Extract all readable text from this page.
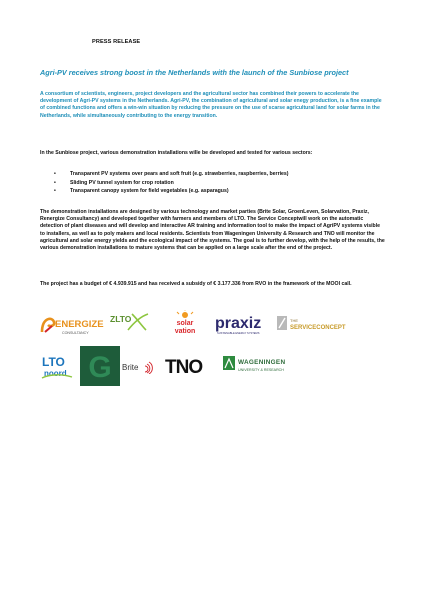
PRESS RELEASE
Agri-PV receives strong boost in the Netherlands with the launch of the Sunbiose project

A consortium of scientists, engineers, project developers and the agricultural sector has combined their powers to accelerate the development of Agri-PV systems in the Netherlands. Agri-PV, the combination of agricultural and solar enegy production, is a fine example of combined functions and offers a win-win situation by reducing the pressure on the use of scarse agricultural land for solar farms in the Netherlands, while simultaneously contributing to the energy transition.

In the Sunbiose project, various demonstration installations wille be developed and tested for various sectors:

•	Transparent PV systems over pears and soft fruit (e.g. strawberries, raspberries, berries)
•	Sliding PV tunnel system for crop rotation
•	Transparent canopy system for field vegetables (e.g. asparagus)

The demonstration installations are designed by various technology and market parties (Brite Solar, GroenLeven, Solarvation, Praxiz, Renergize Consultancy) and developed together with farmers and members of LTO. The Service Conceptwill work on the automatic detection of plant diseases and will develop and interactive AR training and information tool to make the impact of AgriPV systems visible to installers, as well as to poly makers and local residents. Scientists from Wageningen University & Research and TNO will monitor the agricultural and solar energy yields and the ecological impact of the systems. The goal is to further develop, with the help of the results, the various demonstration installations to mature systems that can be applied on a large scale after the end of the project.

The project has a budget of € 4.939.915 and has received a subsidy of € 3.177.336 from RVO in the framework of the MOOI call.

ENERGIZE
CONSULTANCY
ZLTO	solar
vation praxiz
SUSTAINABLE ENERGY SYSTEMS
THE
SERVICECONCEPT
LTO
noord G Brite TNO	WAGENINGEN
UNIVERSITY & RESEARCH
